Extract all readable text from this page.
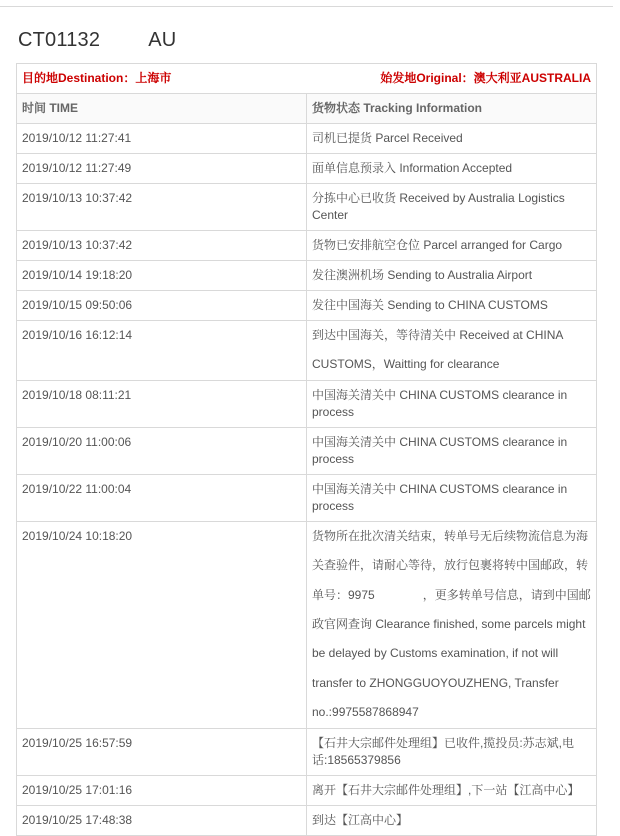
CT01132 AU
目的地Destination：上海市 始发地Original：澳大利亚AUSTRALIA	

时间 TIME	货物状态 Tracking Information
2019/10/12 11:27:41	司机已提货 Parcel Received
2019/10/12 11:27:49	面单信息预录入 Information Accepted
2019/10/13 10:37:42	分拣中心已收货 Received by Australia Logistics Center
2019/10/13 10:37:42	货物已安排航空仓位 Parcel arranged for Cargo
2019/10/14 19:18:20	发往澳洲机场 Sending to Australia Airport
2019/10/15 09:50:06	发往中国海关 Sending to CHINA CUSTOMS
2019/10/16 16:12:14	到达中国海关，等待清关中 Received at CHINA CUSTOMS，Waitting for clearance
2019/10/18 08:11:21	中国海关清关中 CHINA CUSTOMS clearance in process
2019/10/20 11:00:06	中国海关清关中 CHINA CUSTOMS clearance in process
2019/10/22 11:00:04	中国海关清关中 CHINA CUSTOMS clearance in process
2019/10/24 10:18:20	货物所在批次清关结束，转单号无后续物流信息为海关查验件，请耐心等待，放行包裹将转中国邮政，转单号：9975 ，更多转单号信息，请到中国邮政官网查询 Clearance finished, some parcels might be delayed by Customs examination, if not will transfer to ZHONGGUOYOUZHENG, Transfer no.:9975587868947
2019/10/25 16:57:59	【石井大宗邮件处理组】已收件,揽投员:苏志斌,电话:18565379856
2019/10/25 17:01:16	离开【石井大宗邮件处理组】,下一站【江高中心】
2019/10/25 17:48:38	到达【江高中心】
